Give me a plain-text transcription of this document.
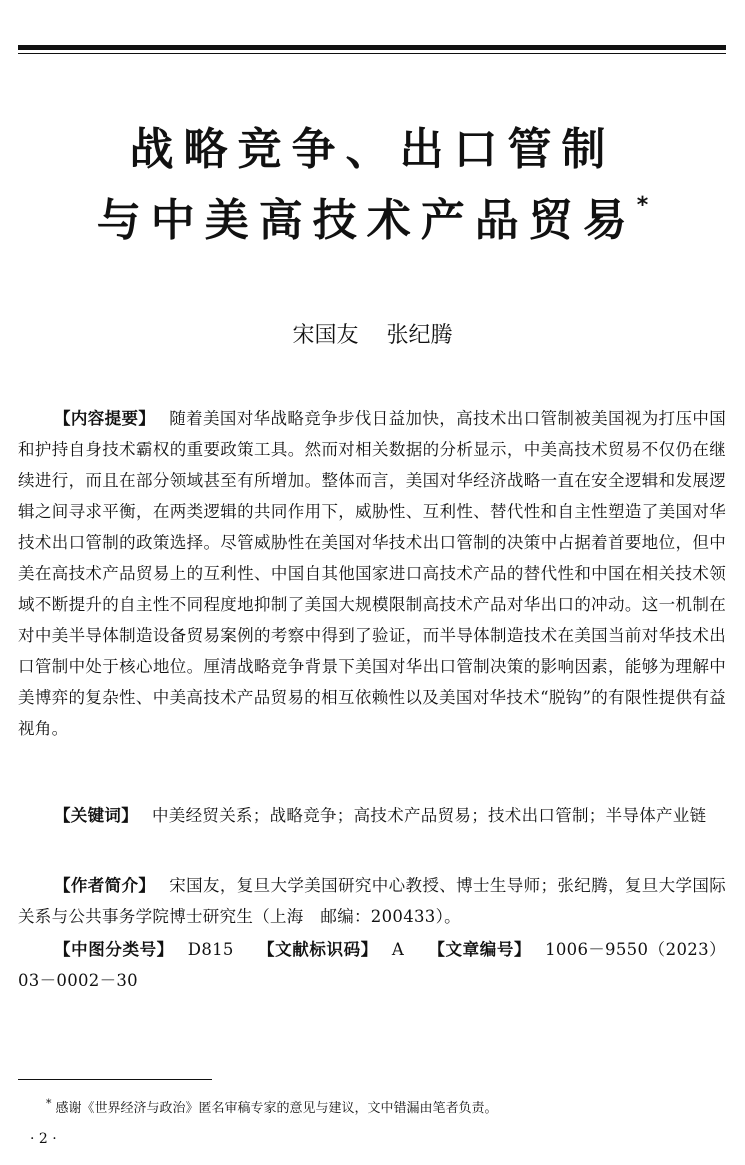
战略竞争、出口管制
与中美高技术产品贸易*
宋国友 张纪腾
【内容提要】 随着美国对华战略竞争步伐日益加快，高技术出口管制被美国视为打压中国和护持自身技术霸权的重要政策工具。然而对相关数据的分析显示，中美高技术贸易不仅仍在继续进行，而且在部分领域甚至有所增加。整体而言，美国对华经济战略一直在安全逻辑和发展逻辑之间寻求平衡，在两类逻辑的共同作用下，威胁性、互利性、替代性和自主性塑造了美国对华技术出口管制的政策选择。尽管威胁性在美国对华技术出口管制的决策中占据着首要地位，但中美在高技术产品贸易上的互利性、中国自其他国家进口高技术产品的替代性和中国在相关技术领域不断提升的自主性不同程度地抑制了美国大规模限制高技术产品对华出口的冲动。这一机制在对中美半导体制造设备贸易案例的考察中得到了验证，而半导体制造技术在美国当前对华技术出口管制中处于核心地位。厘清战略竞争背景下美国对华出口管制决策的影响因素，能够为理解中美博弈的复杂性、中美高技术产品贸易的相互依赖性以及美国对华技术“脱钩”的有限性提供有益视角。
【关键词】 中美经贸关系；战略竞争；高技术产品贸易；技术出口管制；半导体产业链
【作者简介】 宋国友，复旦大学美国研究中心教授、博士生导师；张纪腾，复旦大学国际关系与公共事务学院博士研究生（上海　邮编：200433）。
【中图分类号】 D815 【文献标识码】 A 【文章编号】 1006－9550（2023）03－0002－30
* 感谢《世界经济与政治》匿名审稿专家的意见与建议，文中错漏由笔者负责。
· 2 ·
